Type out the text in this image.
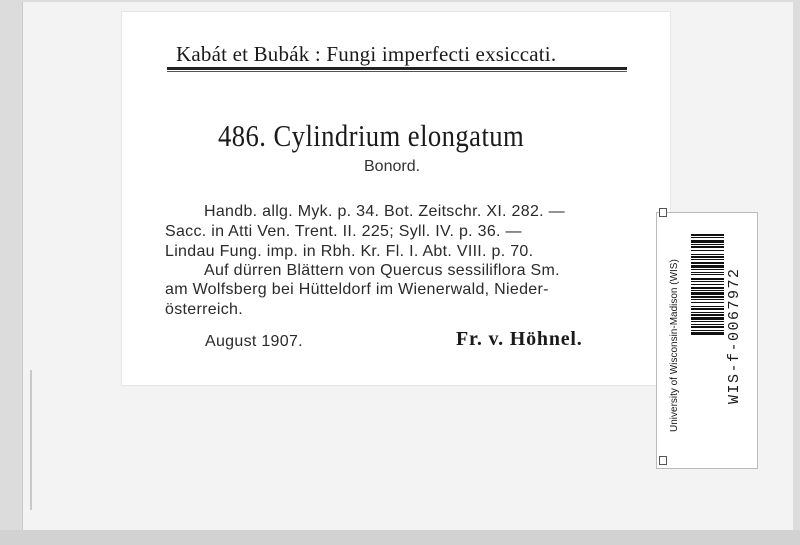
Kabát et Bubák : Fungi imperfecti exsiccati.
486. Cylindrium elongatum
Bonord.
Handb. allg. Myk. p. 34. Bot. Zeitschr. XI. 282. —
Sacc. in Atti Ven. Trent. II. 225; Syll. IV. p. 36. —
Lindau Fung. imp. in Rbh. Kr. Fl. I. Abt. VIII. p. 70.
Auf dürren Blättern von Quercus sessiliflora Sm.
am Wolfsberg bei Hütteldorf im Wienerwald, Nieder-
österreich.
August 1907.	Fr. v. Höhnel.	University of Wisconsin-Madison (WIS)	WIS-f-0067972
